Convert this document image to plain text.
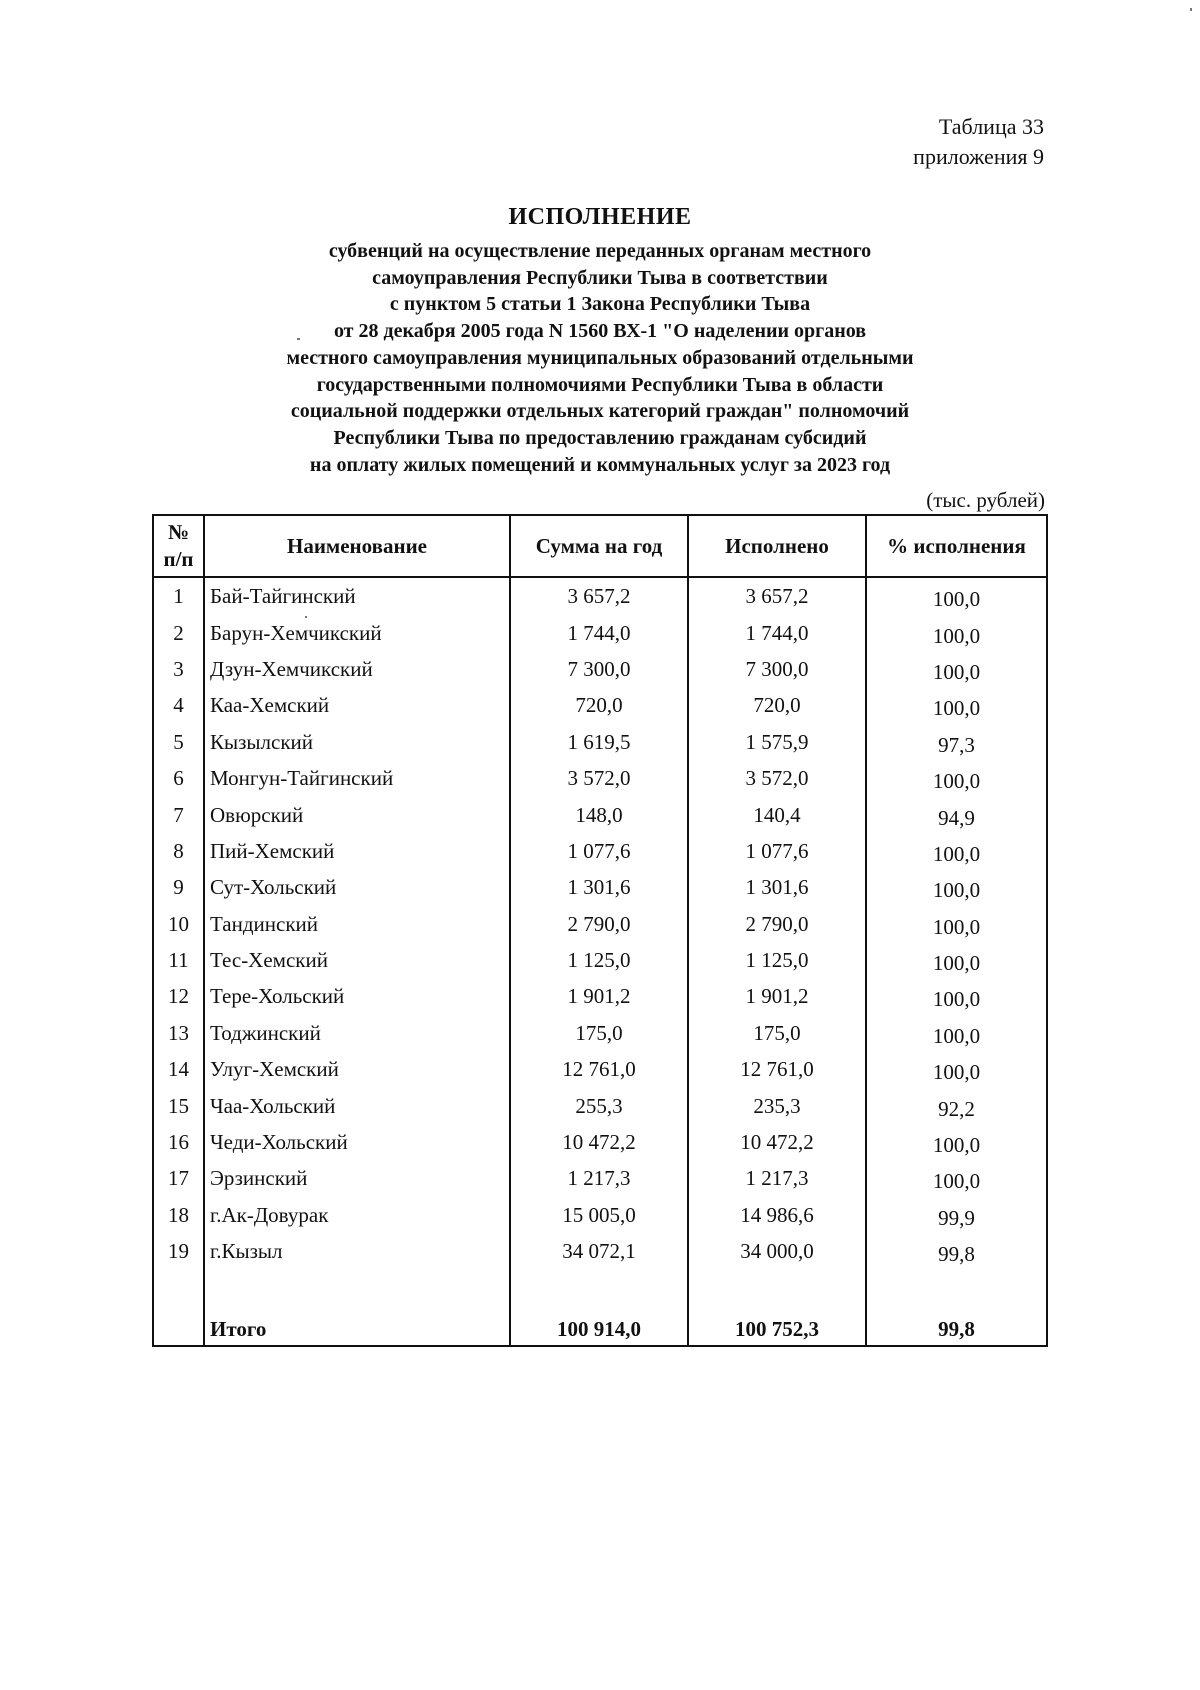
Таблица 33
приложения 9
ИСПОЛНЕНИЕ
субвенций на осуществление переданных органам местного
самоуправления Республики Тыва в соответствии
с пунктом 5 статьи 1 Закона Республики Тыва
от 28 декабря 2005 года N 1560 ВХ-1 "О наделении органов
местного самоуправления муниципальных образований отдельными
государственными полномочиями Республики Тыва в области
социальной поддержки отдельных категорий граждан" полномочий
Республики Тыва по предоставлению гражданам субсидий
на оплату жилых помещений и коммунальных услуг за 2023 год
(тыс. рублей)
№
п/п	Наименование	Сумма на год	Исполнено	% исполнения
1	Бай-Тайгинский	3 657,2	3 657,2	100,0
2	Барун-Хемчикский	1 744,0	1 744,0	100,0
3	Дзун-Хемчикский	7 300,0	7 300,0	100,0
4	Каа-Хемский	720,0	720,0	100,0
5	Кызылский	1 619,5	1 575,9	97,3
6	Монгун-Тайгинский	3 572,0	3 572,0	100,0
7	Овюрский	148,0	140,4	94,9
8	Пий-Хемский	1 077,6	1 077,6	100,0
9	Сут-Хольский	1 301,6	1 301,6	100,0
10	Тандинский	2 790,0	2 790,0	100,0
11	Тес-Хемский	1 125,0	1 125,0	100,0
12	Тере-Хольский	1 901,2	1 901,2	100,0
13	Тоджинский	175,0	175,0	100,0
14	Улуг-Хемский	12 761,0	12 761,0	100,0
15	Чаа-Хольский	255,3	235,3	92,2
16	Чеди-Хольский	10 472,2	10 472,2	100,0
17	Эрзинский	1 217,3	1 217,3	100,0
18	г.Ак-Довурак	15 005,0	14 986,6	99,9
19	г.Кызыл	34 072,1	34 000,0	99,8

	Итого	100 914,0	100 752,3	99,8
